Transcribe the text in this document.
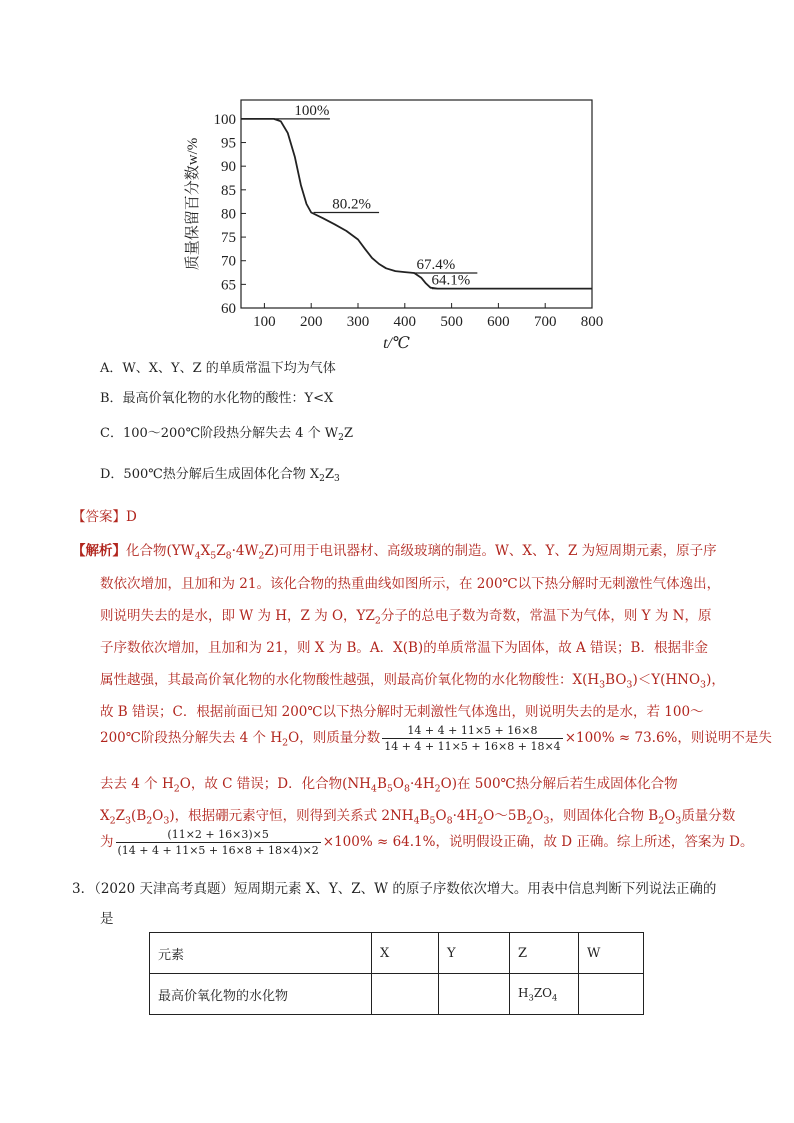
100
95
90
85
80
75
70
65
60
100 200 300 400 500 600 700 800
100%
80.2%
67.4%
64.1%
t/℃
质量保留百分数w/%
A．W、X、Y、Z 的单质常温下均为气体
B．最高价氧化物的水化物的酸性：Y<X
C．100～200℃阶段热分解失去 4 个 $W_2Z$
D．500℃热分解后生成固体化合物 $X_2Z_3$
【答案】D
【解析】化合物$(YW_4X_5Z_8\cdot 4W_2Z)$可用于电讯器材、高级玻璃的制造。W、X、Y、Z 为短周期元素，原子序
数依次增加，且加和为 21。该化合物的热重曲线如图所示，在 200℃以下热分解时无刺激性气体逸出，
则说明失去的是水，即 W 为 H，Z 为 O，$YZ_2$分子的总电子数为奇数，常温下为气体，则 Y 为 N，原
子序数依次增加，且加和为 21，则 X 为 B。A．X(B)的单质常温下为固体，故 A 错误；B．根据非金
属性越强，其最高价氧化物的水化物酸性越强，则最高价氧化物的水化物酸性：$X(H_3BO_3)<Y(HNO_3)$，
故 B 错误；C．根据前面已知 200℃以下热分解时无刺激性气体逸出，则说明失去的是水，若 100～
200℃阶段热分解失去 4 个 $H_2O$，则质量分数 $\frac{14 + 4 + 11\times 5 + 16\times 8}{14 + 4 + 11\times 5 + 16\times 8 + 18\times 4} \times 100\% \approx 73.6\%$，则说明不是失
去去 4 个 $H_2O$，故 C 错误；D．化合物$(NH_4B_5O_8\cdot 4H_2O)$在 500℃热分解后若生成固体化合物
$X_2Z_3(B_2O_3)$，根据硼元素守恒，则得到关系式 $2NH_4B_5O_8\cdot 4H_2O\sim 5B_2O_3$，则固体化合物 $B_2O_3$质量分数
为 $\frac{(11\times 2 + 16\times 3)\times 5}{(14 + 4 + 11\times 5 + 16\times 8 + 18\times 4)\times 2} \times 100\% \approx 64.1\%$，说明假设正确，故 D 正确。综上所述，答案为 D。
3．（2020 天津高考真题）短周期元素 X、Y、Z、W 的原子序数依次增大。用表中信息判断下列说法正确的
是
元素	X	Y	Z	W
最高价氧化物的水化物			$H_3ZO_4$	
